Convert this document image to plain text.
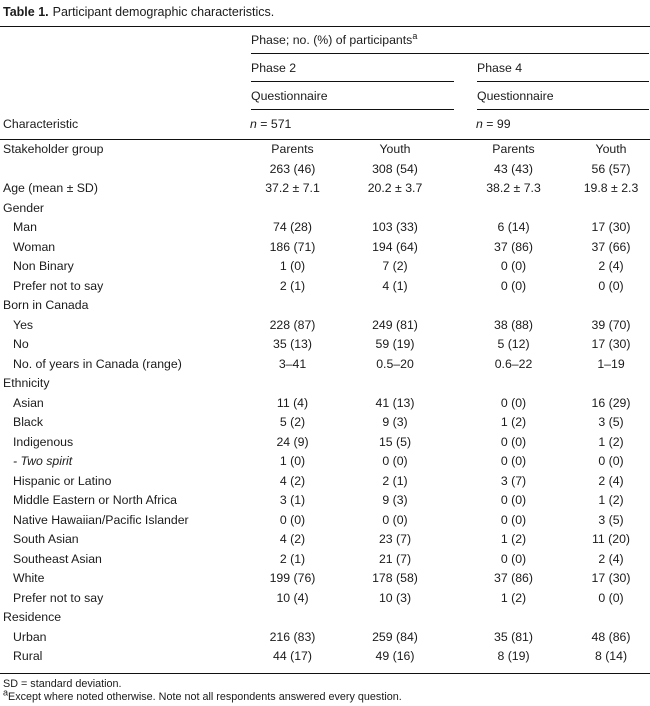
Table 1. Participant demographic characteristics.

	Phase; no. (%) of participants$^a$

	Phase 2		Phase 4	

	Questionnaire		Questionnaire	

Characteristic	n = 571		n = 99	
Stakeholder group	Parents	Youth	Parents	Youth
	263 (46)	308 (54)	43 (43)	56 (57)
Age (mean ± SD)	37.2 ± 7.1	20.2 ± 3.7	38.2 ± 7.3	19.8 ± 2.3
Gender				
Man	74 (28)	103 (33)	6 (14)	17 (30)
Woman	186 (71)	194 (64)	37 (86)	37 (66)
Non Binary	1 (0)	7 (2)	0 (0)	2 (4)
Prefer not to say	2 (1)	4 (1)	0 (0)	0 (0)
Born in Canada				
Yes	228 (87)	249 (81)	38 (88)	39 (70)
No	35 (13)	59 (19)	5 (12)	17 (30)
No. of years in Canada (range)	3–41	0.5–20	0.6–22	1–19
Ethnicity				
Asian	11 (4)	41 (13)	0 (0)	16 (29)
Black	5 (2)	9 (3)	1 (2)	3 (5)
Indigenous	24 (9)	15 (5)	0 (0)	1 (2)
- Two spirit	1 (0)	0 (0)	0 (0)	0 (0)
Hispanic or Latino	4 (2)	2 (1)	3 (7)	2 (4)
Middle Eastern or North Africa	3 (1)	9 (3)	0 (0)	1 (2)
Native Hawaiian/Pacific Islander	0 (0)	0 (0)	0 (0)	3 (5)
South Asian	4 (2)	23 (7)	1 (2)	11 (20)
Southeast Asian	2 (1)	21 (7)	0 (0)	2 (4)
White	199 (76)	178 (58)	37 (86)	17 (30)
Prefer not to say	10 (4)	10 (3)	1 (2)	0 (0)
Residence				
Urban	216 (83)	259 (84)	35 (81)	48 (86)
Rural	44 (17)	49 (16)	8 (19)	8 (14)
SD = standard deviation.
$^a$Except where noted otherwise. Note not all respondents answered every question.
